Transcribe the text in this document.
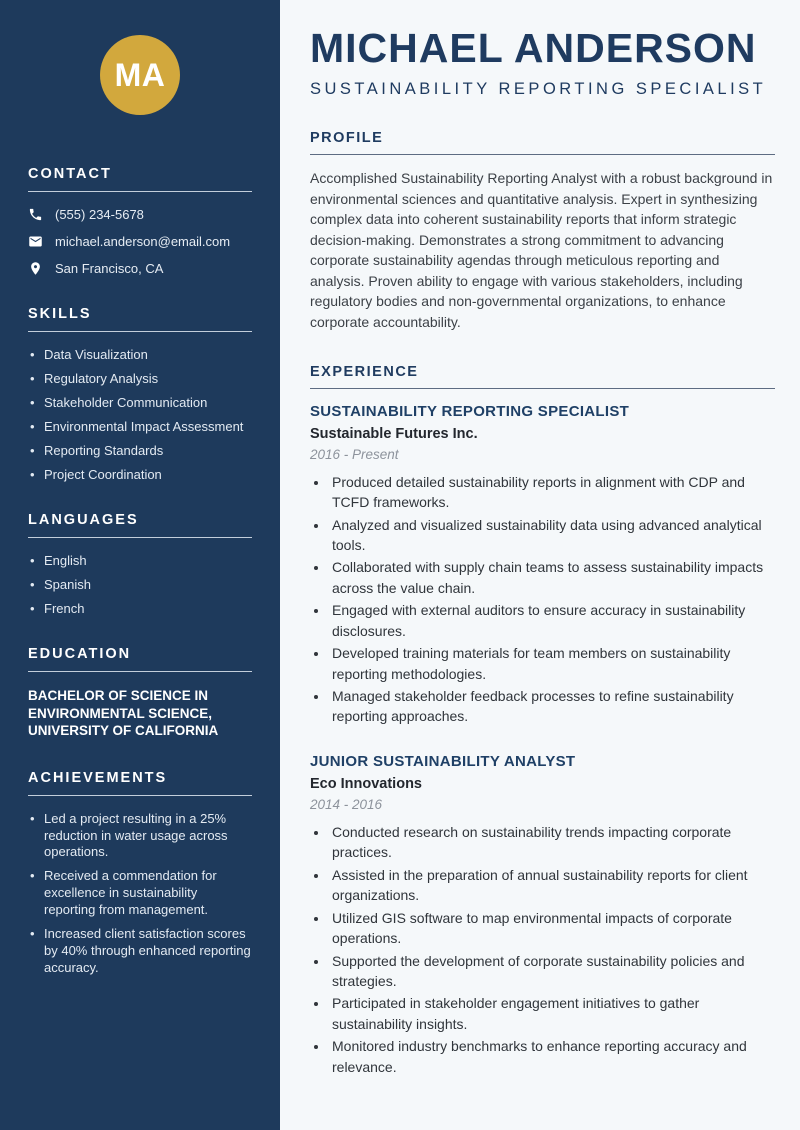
MA
CONTACT
(555) 234-5678
michael.anderson@email.com
San Francisco, CA
SKILLS
• Data Visualization
• Regulatory Analysis
• Stakeholder Communication
• Environmental Impact Assessment
• Reporting Standards
• Project Coordination
LANGUAGES
• English
• Spanish
• French
EDUCATION

BACHELOR OF SCIENCE IN ENVIRONMENTAL SCIENCE, UNIVERSITY OF CALIFORNIA

ACHIEVEMENTS
• Led a project resulting in a 25% reduction in water usage across operations.
• Received a commendation for excellence in sustainability reporting from management.
• Increased client satisfaction scores by 40% through enhanced reporting accuracy.
MICHAEL ANDERSON

SUSTAINABILITY REPORTING SPECIALIST

PROFILE

Accomplished Sustainability Reporting Analyst with a robust background in environmental sciences and quantitative analysis. Expert in synthesizing complex data into coherent sustainability reports that inform strategic decision-making. Demonstrates a strong commitment to advancing corporate sustainability agendas through meticulous reporting and analysis. Proven ability to engage with various stakeholders, including regulatory bodies and non-governmental organizations, to enhance corporate accountability.

EXPERIENCE
SUSTAINABILITY REPORTING SPECIALIST

Sustainable Futures Inc.

2016 - Present

• Produced detailed sustainability reports in alignment with CDP and TCFD frameworks.
• Analyzed and visualized sustainability data using advanced analytical tools.
• Collaborated with supply chain teams to assess sustainability impacts across the value chain.
• Engaged with external auditors to ensure accuracy in sustainability disclosures.
• Developed training materials for team members on sustainability reporting methodologies.
• Managed stakeholder feedback processes to refine sustainability reporting approaches.
JUNIOR SUSTAINABILITY ANALYST

Eco Innovations

2014 - 2016

• Conducted research on sustainability trends impacting corporate practices.
• Assisted in the preparation of annual sustainability reports for client organizations.
• Utilized GIS software to map environmental impacts of corporate operations.
• Supported the development of corporate sustainability policies and strategies.
• Participated in stakeholder engagement initiatives to gather sustainability insights.
• Monitored industry benchmarks to enhance reporting accuracy and relevance.
